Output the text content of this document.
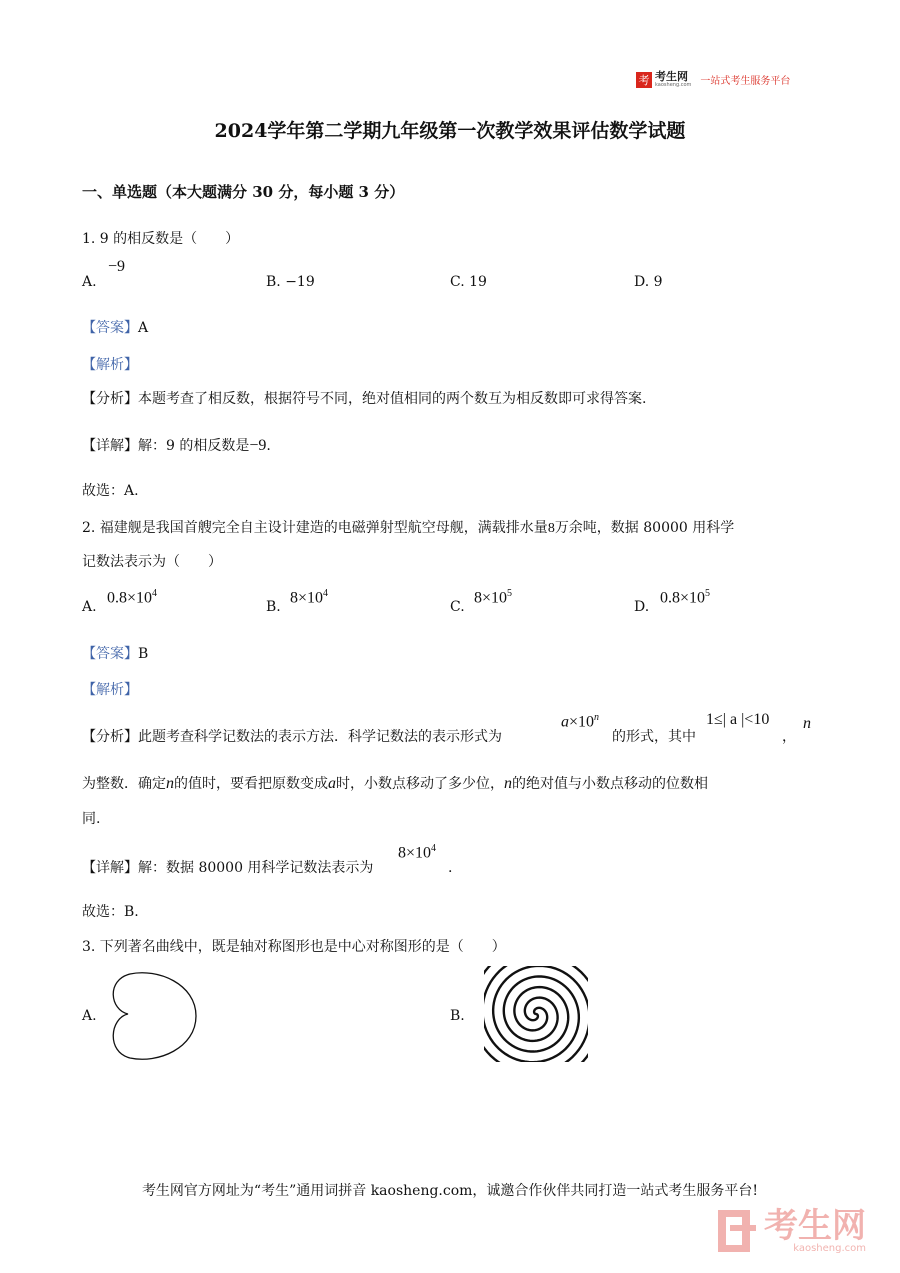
考 考生网
kaosheng.com 一站式考生服务平台
2024学年第二学期九年级第一次教学效果评估数学试题
一、单选题（本大题满分 30 分，每小题 3 分）
1. 9 的相反数是（　　）
A.
−9
B. −19	C. 19	D. 9
【答案】A
【解析】
【分析】本题考查了相反数，根据符号不同，绝对值相同的两个数互为相反数即可求得答案.
【详解】解：9 的相反数是−9.
故选：A.
2. 福建舰是我国首艘完全自主设计建造的电磁弹射型航空母舰，满载排水量8万余吨，数据 80000 用科学
记数法表示为（　　）
A.
$0.8\times 10^4$
B.
$8\times 10^4$
C.
$8\times 10^5$
D.
$0.8\times 10^5$
【答案】B
【解析】
【分析】此题考查科学记数法的表示方法．科学记数法的表示形式为
$a\times 10^n$
的形式，其中
1≤| a |<10
，
n
为整数．确定n的值时，要看把原数变成a时，小数点移动了多少位，n的绝对值与小数点移动的位数相
同.
【详解】解：数据 80000 用科学记数法表示为
$8\times 10^4$
.
故选：B.
3. 下列著名曲线中，既是轴对称图形也是中心对称图形的是（　　）
A.	B.
考生网官方网址为“考生”通用词拼音 kaosheng.com，诚邀合作伙伴共同打造一站式考生服务平台!
考生网
kaosheng.com
